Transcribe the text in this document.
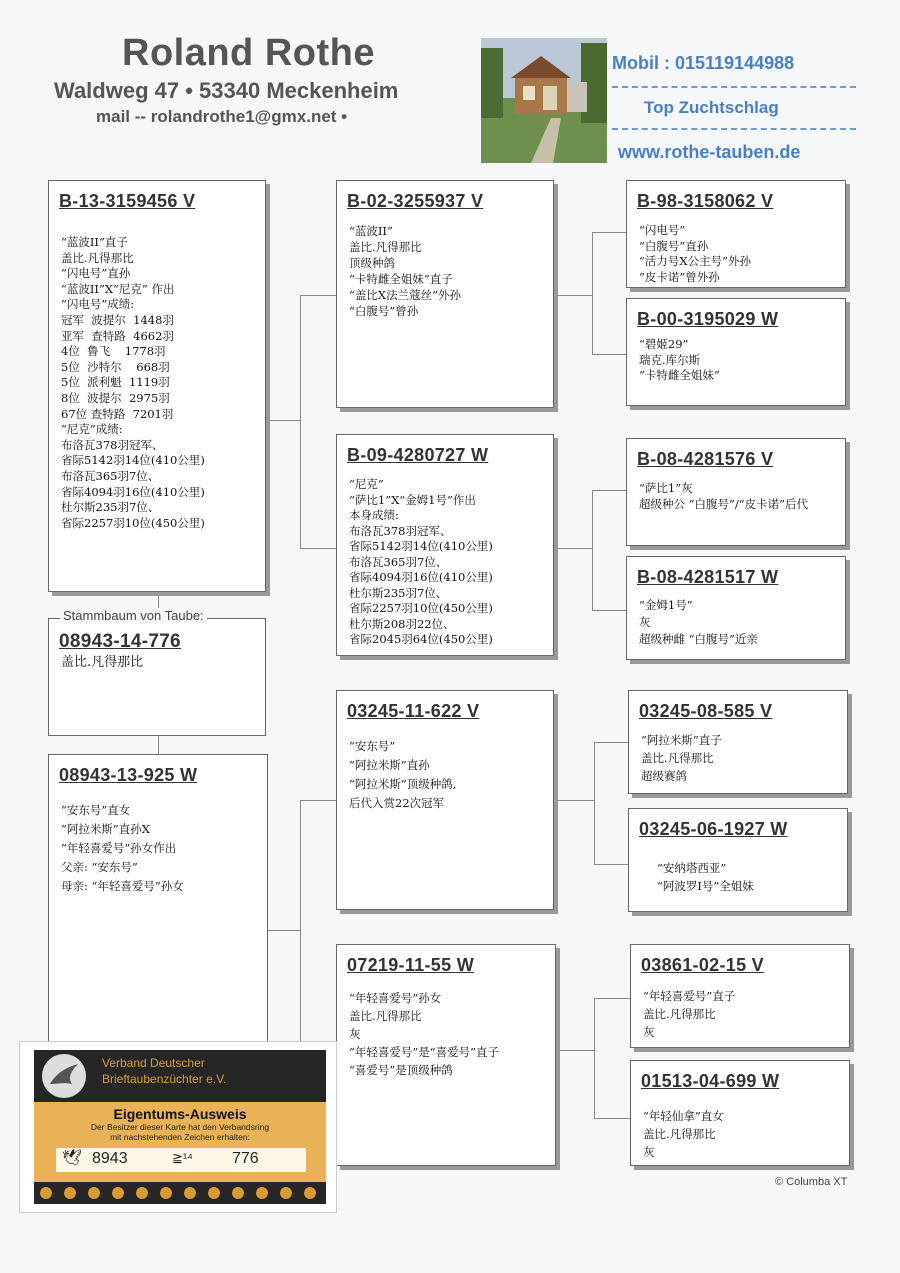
Roland Rothe
Waldweg 47 • 53340 Meckenheim
mail -- rolandrothe1@gmx.net •
Mobil : 015119144988
Top Zuchtschlag
www.rothe-tauben.de
B-13-3159456 V
“蓝波II”直子
盖比.凡得那比
“闪电号”直孙
“蓝波II”X“尼克” 作出
“闪电号”成绩:
冠军  波提尔  1448羽
亚军  查特路  4662羽
4位  鲁飞    1778羽
5位  沙特尔    668羽
5位  派利魁  1119羽
8位  波提尔  2975羽
67位 查特路  7201羽
“尼克”成绩:
布洛瓦378羽冠军、
省际5142羽14位(410公里)
布洛瓦365羽7位、
省际4094羽16位(410公里)
杜尔斯235羽7位、
省际2257羽10位(450公里)
08943-14-776
盖比.凡得那比
Stammbaum von Taube:
08943-13-925 W
“安东号”直女
“阿拉米斯”直孙X
“年轻喜爱号”孙女作出
父亲: “安东号”
母亲: “年轻喜爱号”孙女
B-02-3255937 V
“蓝波II”
盖比.凡得那比
顶级种鸽
“卡特雌全姐妹”直子
“盖比X法兰蔻丝”外孙
“白腹号”曾孙
B-09-4280727 W
“尼克”
“萨比1”X“金姆1号”作出
本身成绩:
布洛瓦378羽冠军、
省际5142羽14位(410公里)
布洛瓦365羽7位、
省际4094羽16位(410公里)
杜尔斯235羽7位、
省际2257羽10位(450公里)
杜尔斯208羽22位、
省际2045羽64位(450公里)
03245-11-622 V
“安东号”
“阿拉米斯”直孙
“阿拉米斯”顶级种鸽,
后代入赏22次冠军
07219-11-55 W
“年轻喜爱号”孙女
盖比.凡得那比
灰
“年轻喜爱号”是“喜爱号”直子
“喜爱号”是顶级种鸽
B-98-3158062 V
“闪电号”
“白腹号”直孙
“活力号X公主号”外孙
“皮卡诺”曾外孙
B-00-3195029 W
“碧姬29”
瑞克.库尔斯
“卡特雌全姐妹”
B-08-4281576 V
“萨比1”灰
超级种公 “白腹号”/“皮卡诺”后代
B-08-4281517 W
“金姆1号”
灰
超级种雌 “白腹号”近亲
03245-08-585 V
“阿拉米斯”直子
盖比.凡得那比
超级赛鸽
03245-06-1927 W
“安纳塔西亚”
“阿波罗I号”全姐妹
03861-02-15 V
“年轻喜爱号”直子
盖比.凡得那比
灰
01513-04-699 W
“年轻仙拿”直女
盖比.凡得那比
灰
© Columba XT
Verband Deutscher
Brieftaubenzüchter e.V.
Eigentums-Ausweis
Der Besitzer dieser Karte hat den Verbandsring
mit nachstehenden Zeichen erhalten:
🕊 8943	≧¹⁴ 776
